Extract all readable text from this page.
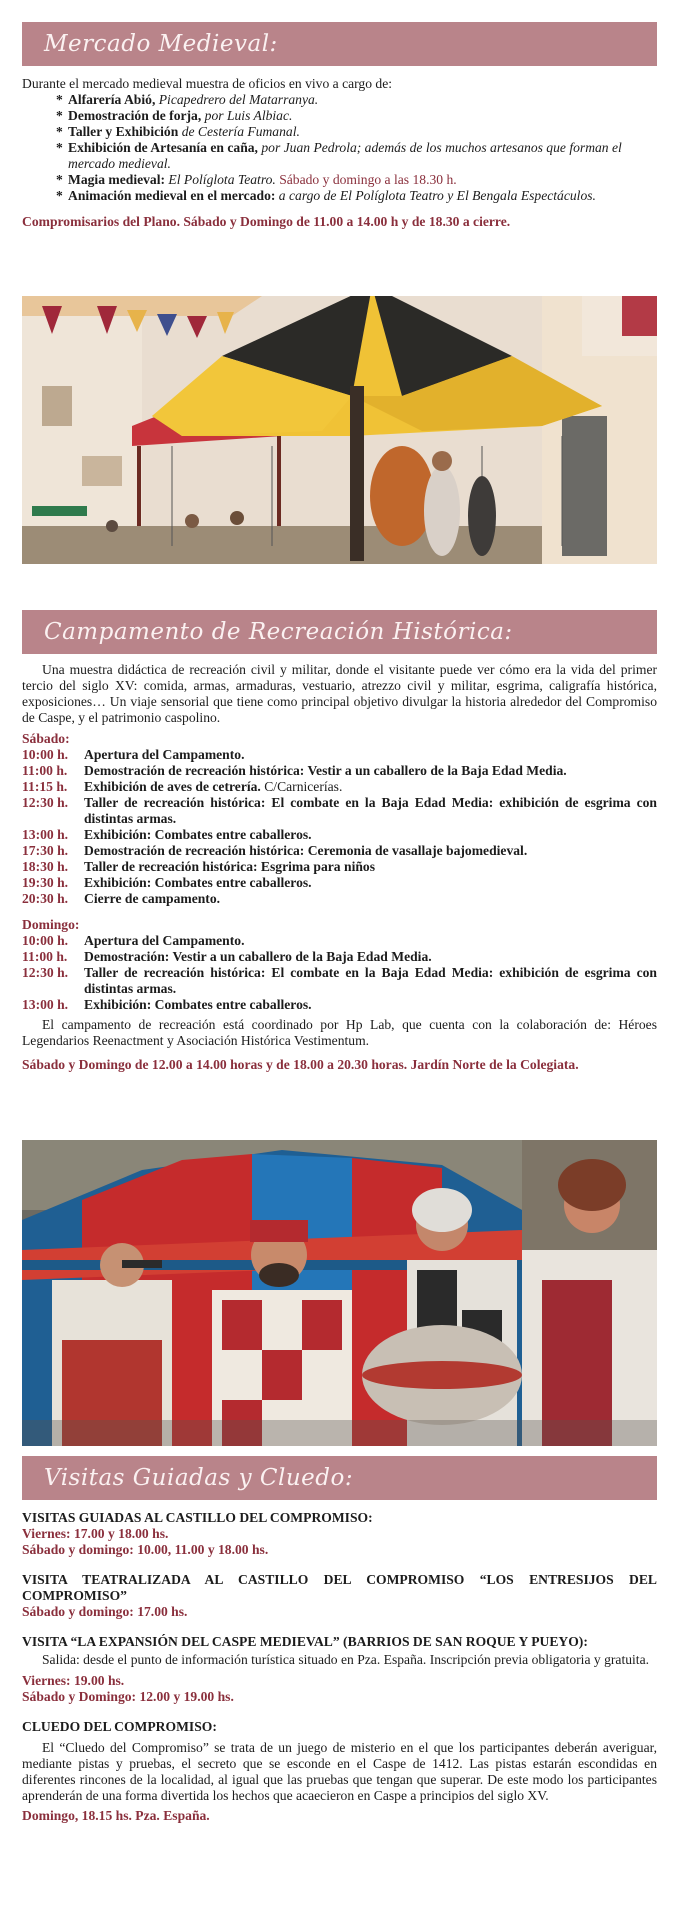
Mercado Medieval:
Durante el mercado medieval muestra de oficios en vivo a cargo de:
* Alfarería Abió, Picapedrero del Matarranya.
* Demostración de forja, por Luis Albiac.
* Taller y Exhibición de Cestería Fumanal.
* Exhibición de Artesanía en caña, por Juan Pedrola; además de los muchos artesanos que forman el mercado medieval.
* Magia medieval: El Políglota Teatro. Sábado y domingo a las 18.30 h.
* Animación medieval en el mercado: a cargo de El Políglota Teatro y El Bengala Espectáculos.
Compromisarios del Plano. Sábado y Domingo de 11.00 a 14.00 h y de 18.30 a cierre.
Campamento de Recreación Histórica:
Una muestra didáctica de recreación civil y militar, donde el visitante puede ver cómo era la vida del primer tercio del siglo XV: comida, armas, armaduras, vestuario, atrezzo civil y militar, esgrima, caligrafía histórica, exposiciones… Un viaje sensorial que tiene como principal objetivo divulgar la historia alrededor del Compromiso de Caspe, y el patrimonio caspolino.
Sábado:
10:00 h.	Apertura del Campamento.
11:00 h.	Demostración de recreación histórica: Vestir a un caballero de la Baja Edad Media.
11:15 h.	Exhibición de aves de cetrería. C/Carnicerías.
12:30 h.	Taller de recreación histórica: El combate en la Baja Edad Media: exhibición de esgrima con distintas armas.
13:00 h.	Exhibición: Combates entre caballeros.
17:30 h.	Demostración de recreación histórica: Ceremonia de vasallaje bajomedieval.
18:30 h.	Taller de recreación histórica: Esgrima para niños
19:30 h.	Exhibición: Combates entre caballeros.
20:30 h.	Cierre de campamento.
Domingo:
10:00 h.	Apertura del Campamento.
11:00 h.	Demostración: Vestir a un caballero de la Baja Edad Media.
12:30 h.	Taller de recreación histórica: El combate en la Baja Edad Media: exhibición de esgrima con distintas armas.
13:00 h.	Exhibición: Combates entre caballeros.
El campamento de recreación está coordinado por Hp Lab, que cuenta con la colaboración de: Héroes Legendarios Reenactment y Asociación Histórica Vestimentum.
Sábado y Domingo de 12.00 a 14.00 horas y de 18.00 a 20.30 horas. Jardín Norte de la Colegiata.
Visitas Guiadas y Cluedo:
VISITAS GUIADAS AL CASTILLO DEL COMPROMISO:
Viernes: 17.00 y 18.00 hs.
Sábado y domingo: 10.00, 11.00 y 18.00 hs.
VISITA TEATRALIZADA AL CASTILLO DEL COMPROMISO “LOS ENTRESIJOS DEL COMPROMISO”
Sábado y domingo: 17.00 hs.
VISITA “LA EXPANSIÓN DEL CASPE MEDIEVAL” (BARRIOS DE SAN ROQUE Y PUEYO):
Salida: desde el punto de información turística situado en Pza. España. Inscripción previa obligatoria y gratuita.
Viernes: 19.00 hs.
Sábado y Domingo: 12.00 y 19.00 hs.
CLUEDO DEL COMPROMISO:
El “Cluedo del Compromiso” se trata de un juego de misterio en el que los participantes deberán averiguar, mediante pistas y pruebas, el secreto que se esconde en el Caspe de 1412. Las pistas estarán escondidas en diferentes rincones de la localidad, al igual que las pruebas que tengan que superar. De este modo los participantes aprenderán de una forma divertida los hechos que acaecieron en Caspe a principios del siglo XV.
Domingo, 18.15 hs. Pza. España.
